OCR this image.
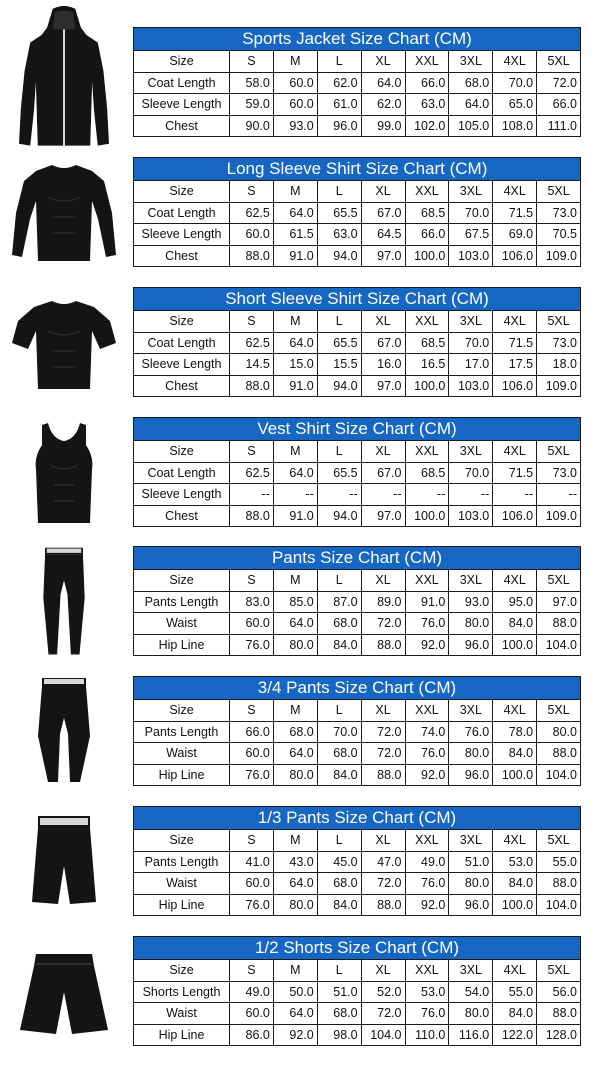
Sports Jacket Size Chart (CM)								
Size	S	M	L	XL	XXL	3XL	4XL	5XL
Coat Length	58.0	60.0	62.0	64.0	66.0	68.0	70.0	72.0
Sleeve Length	59.0	60.0	61.0	62.0	63.0	64.0	65.0	66.0
Chest	90.0	93.0	96.0	99.0	102.0	105.0	108.0	111.0
Long Sleeve Shirt Size Chart (CM)								
Size	S	M	L	XL	XXL	3XL	4XL	5XL
Coat Length	62.5	64.0	65.5	67.0	68.5	70.0	71.5	73.0
Sleeve Length	60.0	61.5	63.0	64.5	66.0	67.5	69.0	70.5
Chest	88.0	91.0	94.0	97.0	100.0	103.0	106.0	109.0
Short Sleeve Shirt Size Chart (CM)								
Size	S	M	L	XL	XXL	3XL	4XL	5XL
Coat Length	62.5	64.0	65.5	67.0	68.5	70.0	71.5	73.0
Sleeve Length	14.5	15.0	15.5	16.0	16.5	17.0	17.5	18.0
Chest	88.0	91.0	94.0	97.0	100.0	103.0	106.0	109.0
Vest Shirt Size Chart (CM)								
Size	S	M	L	XL	XXL	3XL	4XL	5XL
Coat Length	62.5	64.0	65.5	67.0	68.5	70.0	71.5	73.0
Sleeve Length	--	--	--	--	--	--	--	--
Chest	88.0	91.0	94.0	97.0	100.0	103.0	106.0	109.0
Pants Size Chart (CM)								
Size	S	M	L	XL	XXL	3XL	4XL	5XL
Pants Length	83.0	85.0	87.0	89.0	91.0	93.0	95.0	97.0
Waist	60.0	64.0	68.0	72.0	76.0	80.0	84.0	88.0
Hip Line	76.0	80.0	84.0	88.0	92.0	96.0	100.0	104.0
3/4 Pants Size Chart (CM)								
Size	S	M	L	XL	XXL	3XL	4XL	5XL
Pants Length	66.0	68.0	70.0	72.0	74.0	76.0	78.0	80.0
Waist	60.0	64.0	68.0	72.0	76.0	80.0	84.0	88.0
Hip Line	76.0	80.0	84.0	88.0	92.0	96.0	100.0	104.0
1/3 Pants Size Chart (CM)								
Size	S	M	L	XL	XXL	3XL	4XL	5XL
Pants Length	41.0	43.0	45.0	47.0	49.0	51.0	53.0	55.0
Waist	60.0	64.0	68.0	72.0	76.0	80.0	84.0	88.0
Hip Line	76.0	80.0	84.0	88.0	92.0	96.0	100.0	104.0
1/2 Shorts Size Chart (CM)								
Size	S	M	L	XL	XXL	3XL	4XL	5XL
Shorts Length	49.0	50.0	51.0	52.0	53.0	54.0	55.0	56.0
Waist	60.0	64.0	68.0	72.0	76.0	80.0	84.0	88.0
Hip Line	86.0	92.0	98.0	104.0	110.0	116.0	122.0	128.0
